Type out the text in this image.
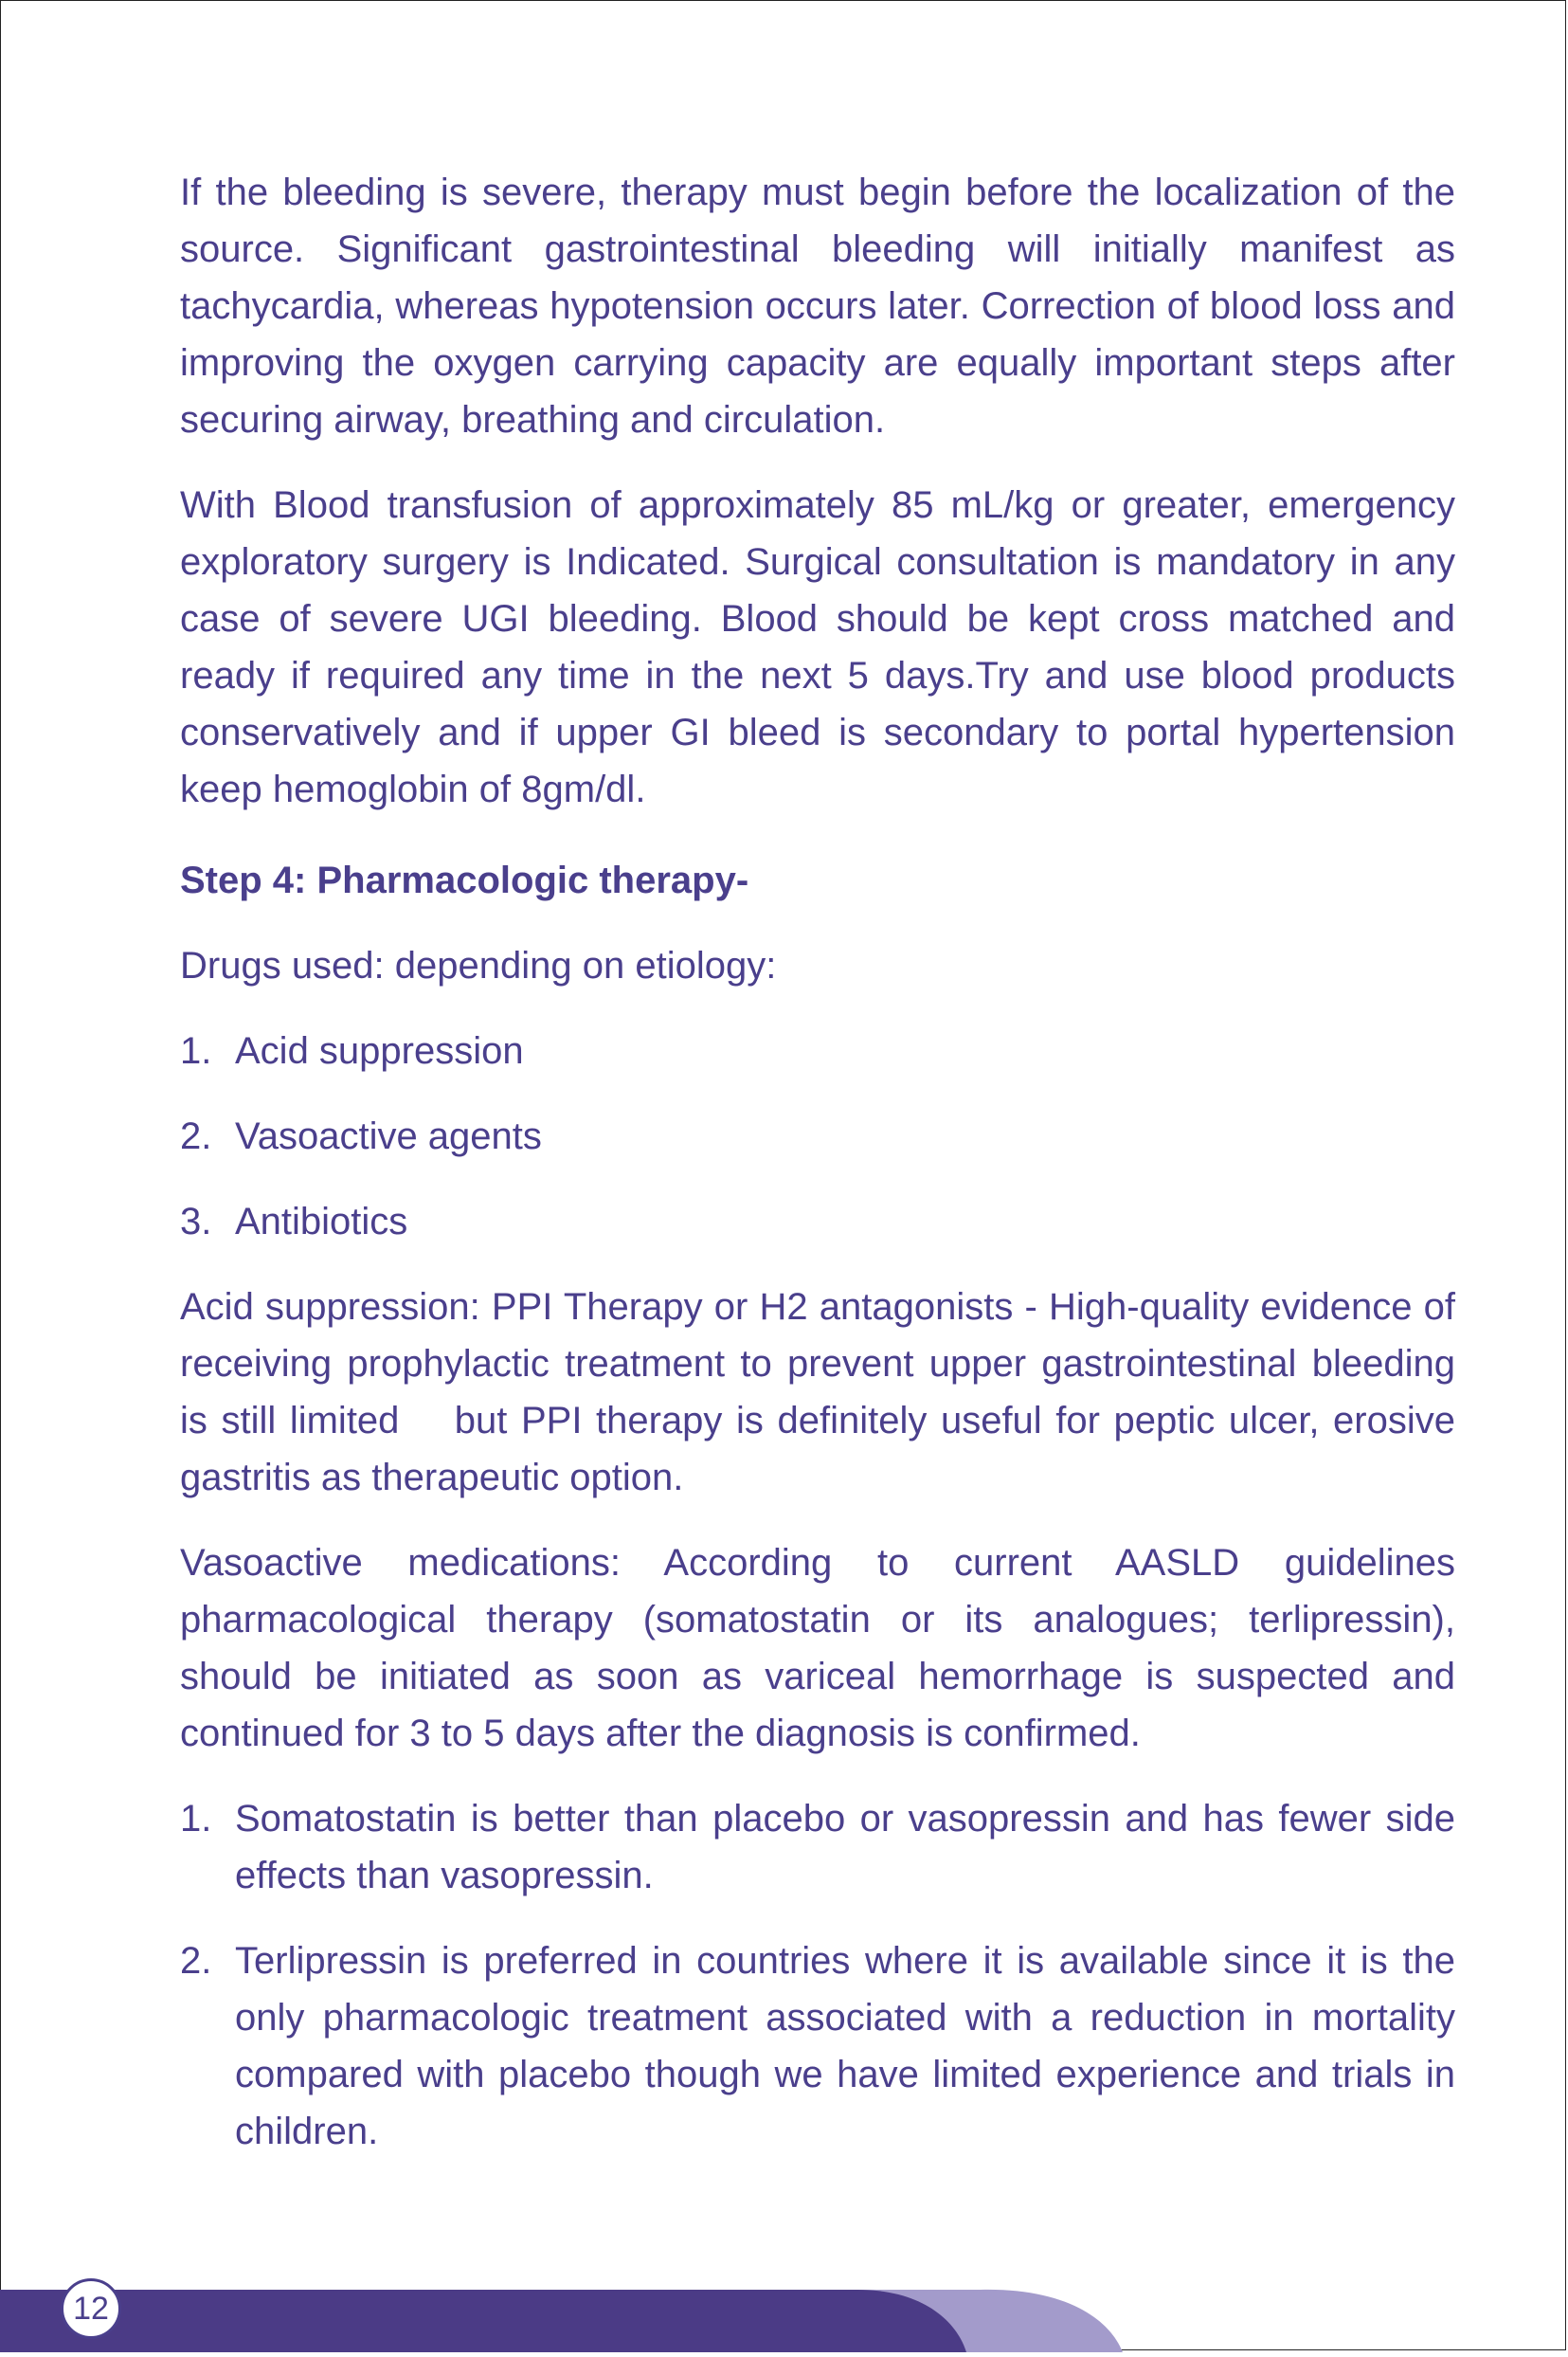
If the bleeding is severe, therapy must begin before the localization of the source. Significant gastrointestinal bleeding will initially manifest as tachycardia, whereas hypotension occurs later. Correction of blood loss and improving the oxygen carrying capacity are equally important steps after securing airway, breathing and circulation.

With Blood transfusion of approximately 85 mL/kg or greater, emergency exploratory surgery is Indicated. Surgical consultation is mandatory in any case of severe UGI bleeding. Blood should be kept cross matched and ready if required any time in the next 5 days.Try and use blood products conservatively and if upper GI bleed is secondary to portal hypertension keep hemoglobin of 8gm/dl.

Step 4: Pharmacologic therapy-

Drugs used: depending on etiology:

1. Acid suppression
2. Vasoactive agents
3. Antibiotics

Acid suppression: PPI Therapy or H2 antagonists - High-quality evidence of receiving prophylactic treatment to prevent upper gastrointestinal bleeding is still limited    but PPI therapy is definitely useful for peptic ulcer, erosive gastritis as therapeutic option.

Vasoactive medications: According to current AASLD guidelines pharmacological therapy (somatostatin or its analogues; terlipressin), should be initiated as soon as variceal hemorrhage is suspected and continued for 3 to 5 days after the diagnosis is confirmed.

1. Somatostatin is better than placebo or vasopressin and has fewer side effects than vasopressin.
2. Terlipressin is preferred in countries where it is available since it is the only pharmacologic treatment associated with a reduction in mortality compared with placebo though we have limited experience and trials in children.
12
